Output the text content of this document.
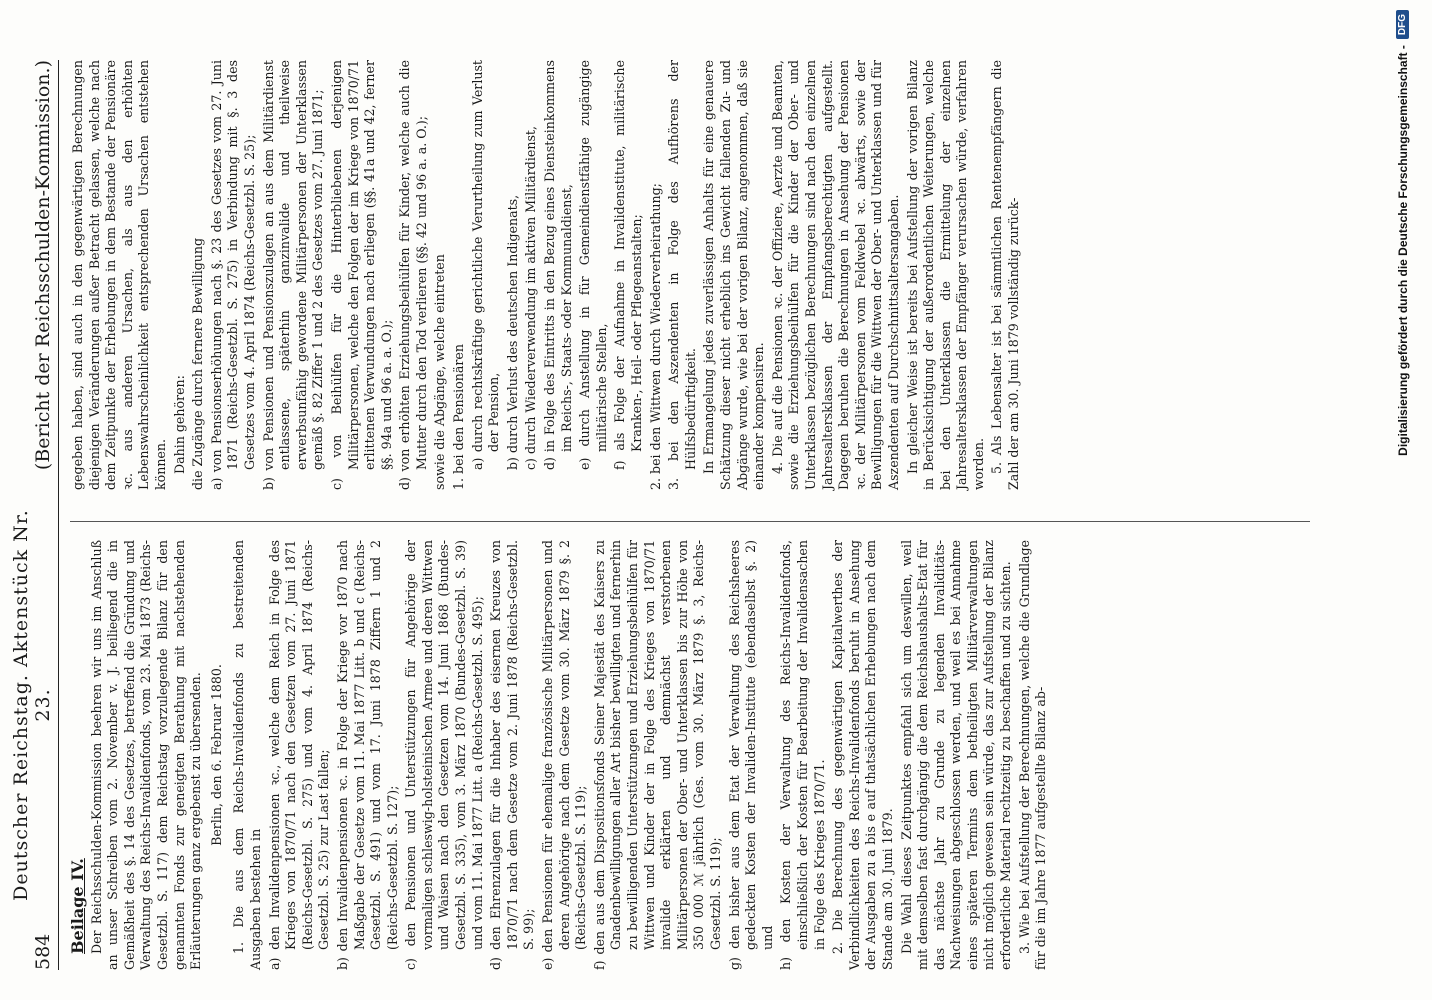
584
Deutscher Reichstag. Aktenstück Nr. 23.
(Bericht der Reichsschulden-Kommission.)

Beilage IV. Der Reichsschulden-Kommission beehren wir uns im Anschluß an unser Schreiben vom 2. November v. J. beiliegend die in Gemäßheit des §. 14 des Gesetzes, betreffend die Gründung und Verwaltung des Reichs-Invalidenfonds, vom 23. Mai 1873 (Reichs-Gesetzbl. S. 117) dem Reichstag vorzulegende Bilanz für den genannten Fonds zur geneigten Berathung mit nachstehenden Erläuterungen ganz ergebenst zu übersenden. Berlin, den 6. Februar 1880. 1. Die aus dem Reichs-Invalidenfonds zu bestreitenden Ausgaben bestehen in a) den Invalidenpensionen ꝛc., welche dem Reich in Folge des Krieges von 1870/71 nach den Gesetzen vom 27. Juni 1871 (Reichs-Gesetzbl. S. 275) und vom 4. April 1874 (Reichs-Gesetzbl. S. 25) zur Last fallen; b) den Invalidenpensionen ꝛc. in Folge der Kriege vor 1870 nach Maßgabe der Gesetze vom 11. Mai 1877 Litt. b und c (Reichs-Gesetzbl. S. 491) und vom 17. Juni 1878 Ziffern 1 und 2 (Reichs-Gesetzbl. S. 127); c) den Pensionen und Unterstützungen für Angehörige der vormaligen schleswig-holsteinischen Armee und deren Wittwen und Waisen nach den Gesetzen vom 14. Juni 1868 (Bundes-Gesetzbl. S. 335), vom 3. März 1870 (Bundes-Gesetzbl. S. 39) und vom 11. Mai 1877 Litt. a (Reichs-Gesetzbl. S. 495); d) den Ehrenzulagen für die Inhaber des eisernen Kreuzes von 1870/71 nach dem Gesetze vom 2. Juni 1878 (Reichs-Gesetzbl. S. 99); e) den Pensionen für ehemalige französische Militärpersonen und deren Angehörige nach dem Gesetze vom 30. März 1879 §. 2 (Reichs-Gesetzbl. S. 119); f) den aus dem Dispositionsfonds Seiner Majestät des Kaisers zu Gnadenbewilligungen aller Art bisher bewilligten und fernerhin zu bewilligenden Unterstützungen und Erziehungsbeihülfen für Wittwen und Kinder der in Folge des Krieges von 1870/71 invalide erklärten und demnächst verstorbenen Militärpersonen der Ober- und Unterklassen bis zur Höhe von 350 000 ℳ jährlich (Ges. vom 30. März 1879 §. 3, Reichs-Gesetzbl. S. 119); g) den bisher aus dem Etat der Verwaltung des Reichsheeres gedeckten Kosten der Invaliden-Institute (ebendaselbst §. 2) und h) den Kosten der Verwaltung des Reichs-Invalidenfonds, einschließlich der Kosten für Bearbeitung der Invalidensachen in Folge des Krieges 1870/71. 2. Die Berechnung des gegenwärtigen Kapitalwerthes der Verbindlichkeiten des Reichs-Invalidenfonds beruht in Ansehung der Ausgaben zu a bis e auf thatsächlichen Erhebungen nach dem Stande am 30. Juni 1879. Die Wahl dieses Zeitpunktes empfahl sich um deswillen, weil mit demselben fast durchgängig die dem Reichshaushalts-Etat für das nächste Jahr zu Grunde zu legenden Invaliditäts-Nachweisungen abgeschlossen werden, und weil es bei Annahme eines späteren Termins dem betheiligten Militärverwaltungen nicht möglich gewesen sein würde, das zur Aufstellung der Bilanz erforderliche Material rechtzeitig zu beschaffen und zu sichten. 3. Wie bei Aufstellung der Berechnungen, welche die Grundlage für die im Jahre 1877 aufgestellte Bilanz ab-

gegeben haben, sind auch in den gegenwärtigen Berechnungen diejenigen Veränderungen außer Betracht gelassen, welche nach dem Zeitpunkte der Erhebungen in dem Bestande der Pensionäre ꝛc. aus anderen Ursachen, als aus den erhöhten Lebenswahrscheinlichkeit entsprechenden Ursachen entstehen können. Dahin gehören: die Zugänge durch fernere Bewilligung a) von Pensionserhöhungen nach §. 23 des Gesetzes vom 27. Juni 1871 (Reichs-Gesetzbl. S. 275) in Verbindung mit §. 3 des Gesetzes vom 4. April 1874 (Reichs-Gesetzbl. S. 25); b) von Pensionen und Pensionszulagen an aus dem Militärdienst entlassene, späterhin ganzinvalide und theilweise erwerbsunfähig gewordene Militärpersonen der Unterklassen gemäß §. 82 Ziffer 1 und 2 des Gesetzes vom 27. Juni 1871; c) von Beihülfen für die Hinterbliebenen derjenigen Militärpersonen, welche den Folgen der im Kriege von 1870/71 erlittenen Verwundungen nach erliegen (§§. 41a und 42, ferner §§. 94a und 96 a. a. O.); d) von erhöhten Erziehungsbeihülfen für Kinder, welche auch die Mutter durch den Tod verlieren (§§. 42 und 96 a. a. O.); sowie die Abgänge, welche eintreten 1. bei den Pensionären a) durch rechtskräftige gerichtliche Verurtheilung zum Verlust der Pension, b) durch Verlust des deutschen Indigenats, c) durch Wiederverwendung im aktiven Militärdienst, d) in Folge des Eintritts in den Bezug eines Diensteinkommens im Reichs-, Staats- oder Kommunaldienst, e) durch Anstellung in für Gemeindienstfähige zugängige militärische Stellen, f) als Folge der Aufnahme in Invalidenstitute, militärische Kranken-, Heil- oder Pflegeanstalten; 2. bei den Wittwen durch Wiederverheirathung; 3. bei den Aszendenten in Folge des Aufhörens der Hülfsbedürftigkeit. In Ermangelung jedes zuverlässigen Anhalts für eine genauere Schätzung dieser nicht erheblich ins Gewicht fallenden Zu- und Abgänge wurde, wie bei der vorigen Bilanz, angenommen, daß sie einander kompensiren. 4. Die auf die Pensionen ꝛc. der Offiziere, Aerzte und Beamten, sowie die Erziehungsbeihülfen für die Kinder der Ober- und Unterklassen bezüglichen Berechnungen sind nach den einzelnen Jahresaltersklassen der Empfangsberechtigten aufgestellt. Dagegen beruhen die Berechnungen in Ansehung der Pensionen ꝛc. der Militärpersonen vom Feldwebel ꝛc. abwärts, sowie der Bewilligungen für die Wittwen der Ober- und Unterklassen und für Aszendenten auf Durchschnittsaltersangaben. In gleicher Weise ist bereits bei Aufstellung der vorigen Bilanz in Berücksichtigung der außerordentlichen Weiterungen, welche bei den Unterklassen die Ermittelung der einzelnen Jahresaltersklassen der Empfänger verursachen würde, verfahren worden. 5. Als Lebensalter ist bei sämmtlichen Rentenempfängern die Zahl der am 30. Juni 1879 vollständig zurück-	Digitalisierung gefördert durch die Deutsche Forschungsgemeinschaft -
DFG
